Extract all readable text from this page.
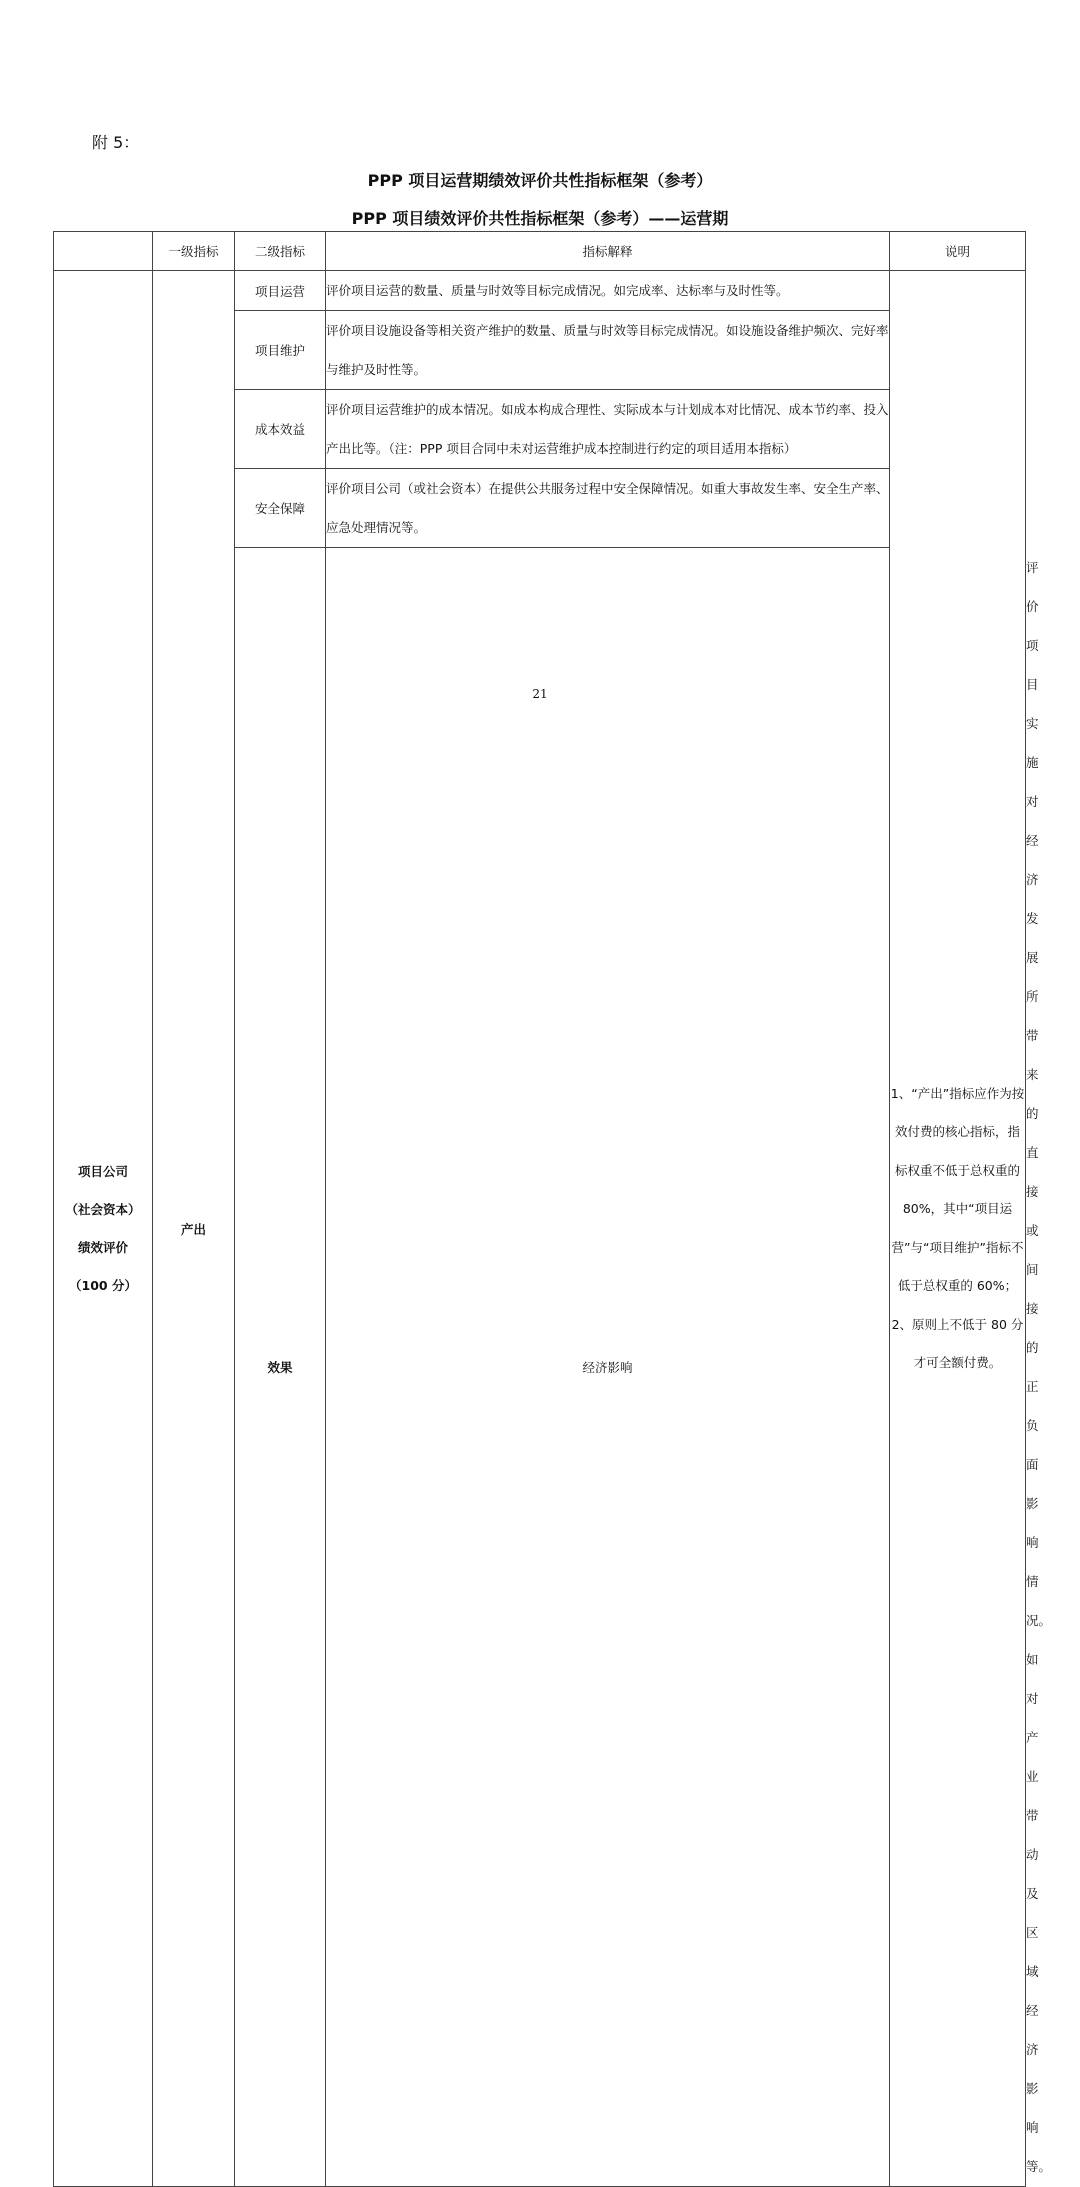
附 5：
PPP 项目运营期绩效评价共性指标框架（参考）
PPP 项目绩效评价共性指标框架（参考）——运营期
	一级指标	二级指标	指标解释	说明	

项目公司
（社会资本）
绩效评价
（100 分）	产出	项目运营	评价项目运营的数量、质量与时效等目标完成情况。如完成率、达标率与及时性等。	1、“产出”指标应作为按效付费的核心指标，指标权重不低于总权重的 80%，其中“项目运营”与“项目维护”指标不低于总权重的 60%；2、原则上不低于 80 分才可全额付费。	
		项目维护	评价项目设施设备等相关资产维护的数量、质量与时效等目标完成情况。如设施设备维护频次、完好率与维护及时性等。		
		成本效益	评价项目运营维护的成本情况。如成本构成合理性、实际成本与计划成本对比情况、成本节约率、投入产出比等。（注：PPP 项目合同中未对运营维护成本控制进行约定的项目适用本指标）		
		安全保障	评价项目公司（或社会资本）在提供公共服务过程中安全保障情况。如重大事故发生率、安全生产率、应急处理情况等。		
		效果	经济影响		评价项目实施对经济发展所带来的直接或间接的正负面影响情况。如对产业带动及区域经济影响等。
21
